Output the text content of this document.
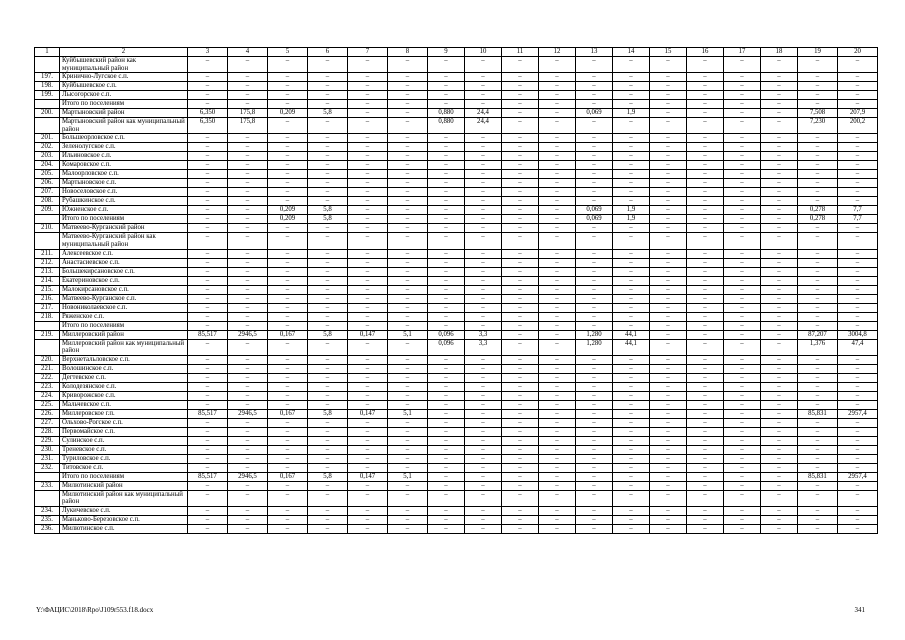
1	2	3	4	5	6	7	8	9	10	11	12	13	14	15	16	17	18	19	20
	Куйбышевский район как муниципальный район	–	–	–	–	–	–	–	–	–	–	–	–	–	–	–	–	–	–
197.	Кринично-Лугское с.п.	–	–	–	–	–	–	–	–	–	–	–	–	–	–	–	–	–	–
198.	Куйбышевское с.п.	–	–	–	–	–	–	–	–	–	–	–	–	–	–	–	–	–	–
199.	Лысогорское с.п.	–	–	–	–	–	–	–	–	–	–	–	–	–	–	–	–	–	–
	Итого по поселениям	–	–	–	–	–	–	–	–	–	–	–	–	–	–	–	–	–	–
200.	Мартыновский район	6,350	175,8	0,209	5,8	–	–	0,880	24,4	–	–	0,069	1,9	–	–	–	–	7,508	207,9
	Мартыновский район как муниципальный район	6,350	175,8	–	–	–	–	0,880	24,4	–	–	–	–	–	–	–	–	7,230	200,2
201.	Большеорловское с.п.	–	–	–	–	–	–	–	–	–	–	–	–	–	–	–	–	–	–
202.	Зеленолугское с.п.	–	–	–	–	–	–	–	–	–	–	–	–	–	–	–	–	–	–
203.	Ильиновское с.п.	–	–	–	–	–	–	–	–	–	–	–	–	–	–	–	–	–	–
204.	Комаровское с.п.	–	–	–	–	–	–	–	–	–	–	–	–	–	–	–	–	–	–
205.	Малоорловское с.п.	–	–	–	–	–	–	–	–	–	–	–	–	–	–	–	–	–	–
206.	Мартыновское с.п.	–	–	–	–	–	–	–	–	–	–	–	–	–	–	–	–	–	–
207.	Новоселовское с.п.	–	–	–	–	–	–	–	–	–	–	–	–	–	–	–	–	–	–
208.	Рубашкинское с.п.	–	–	–	–	–	–	–	–	–	–	–	–	–	–	–	–	–	–
209.	Южненское с.п.	–	–	0,209	5,8	–	–	–	–	–	–	0,069	1,9	–	–	–	–	0,278	7,7
	Итого по поселениям	–	–	0,209	5,8	–	–	–	–	–	–	0,069	1,9	–	–	–	–	0,278	7,7
210.	Матвеево-Курганский район	–	–	–	–	–	–	–	–	–	–	–	–	–	–	–	–	–	–
	Матвеево-Курганский район как муниципальный район	–	–	–	–	–	–	–	–	–	–	–	–	–	–	–	–	–	–
211.	Алексеевское с.п.	–	–	–	–	–	–	–	–	–	–	–	–	–	–	–	–	–	–
212.	Анастасиевское с.п.	–	–	–	–	–	–	–	–	–	–	–	–	–	–	–	–	–	–
213.	Большекирсановское с.п.	–	–	–	–	–	–	–	–	–	–	–	–	–	–	–	–	–	–
214.	Екатериновское с.п.	–	–	–	–	–	–	–	–	–	–	–	–	–	–	–	–	–	–
215.	Малокирсановское с.п.	–	–	–	–	–	–	–	–	–	–	–	–	–	–	–	–	–	–
216.	Матвеево-Курганское с.п.	–	–	–	–	–	–	–	–	–	–	–	–	–	–	–	–	–	–
217.	Новониколаевское с.п.	–	–	–	–	–	–	–	–	–	–	–	–	–	–	–	–	–	–
218.	Ряженское с.п.	–	–	–	–	–	–	–	–	–	–	–	–	–	–	–	–	–	–
	Итого по поселениям	–	–	–	–	–	–	–	–	–	–	–	–	–	–	–	–	–	–
219.	Миллеровский район	85,517	2946,5	0,167	5,8	0,147	5,1	0,096	3,3	–	–	1,280	44,1	–	–	–	–	87,207	3004,8
	Миллеровский район как муниципальный район	–	–	–	–	–	–	0,096	3,3	–	–	1,280	44,1	–	–	–	–	1,376	47,4
220.	Верхнетальловское с.п.	–	–	–	–	–	–	–	–	–	–	–	–	–	–	–	–	–	–
221.	Волошинское с.п.	–	–	–	–	–	–	–	–	–	–	–	–	–	–	–	–	–	–
222.	Дегтевское с.п.	–	–	–	–	–	–	–	–	–	–	–	–	–	–	–	–	–	–
223.	Колодезянское с.п.	–	–	–	–	–	–	–	–	–	–	–	–	–	–	–	–	–	–
224.	Криворожское с.п.	–	–	–	–	–	–	–	–	–	–	–	–	–	–	–	–	–	–
225.	Мальчевское с.п.	–	–	–	–	–	–	–	–	–	–	–	–	–	–	–	–	–	–
226.	Миллеровское г.п.	85,517	2946,5	0,167	5,8	0,147	5,1	–	–	–	–	–	–	–	–	–	–	85,831	2957,4
227.	Ольхово-Рогское с.п.	–	–	–	–	–	–	–	–	–	–	–	–	–	–	–	–	–	–
228.	Первомайское с.п.	–	–	–	–	–	–	–	–	–	–	–	–	–	–	–	–	–	–
229.	Сулинское с.п.	–	–	–	–	–	–	–	–	–	–	–	–	–	–	–	–	–	–
230.	Треневское с.п.	–	–	–	–	–	–	–	–	–	–	–	–	–	–	–	–	–	–
231.	Туриловское с.п.	–	–	–	–	–	–	–	–	–	–	–	–	–	–	–	–	–	–
232.	Титовское с.п.	–	–	–	–	–	–	–	–	–	–	–	–	–	–	–	–	–	–
	Итого по поселениям	85,517	2946,5	0,167	5,8	0,147	5,1	–	–	–	–	–	–	–	–	–	–	85,831	2957,4
233.	Милютинский район	–	–	–	–	–	–	–	–	–	–	–	–	–	–	–	–	–	–
	Милютинский район как муниципальный район	–	–	–	–	–	–	–	–	–	–	–	–	–	–	–	–	–	–
234.	Лукичевское с.п.	–	–	–	–	–	–	–	–	–	–	–	–	–	–	–	–	–	–
235.	Маньково-Березовское с.п.	–	–	–	–	–	–	–	–	–	–	–	–	–	–	–	–	–	–
236.	Милютинское с.п.	–	–	–	–	–	–	–	–	–	–	–	–	–	–	–	–	–	–
Y:\ФАЦИС\2018\Rpo\J109r553.f18.docx	341
